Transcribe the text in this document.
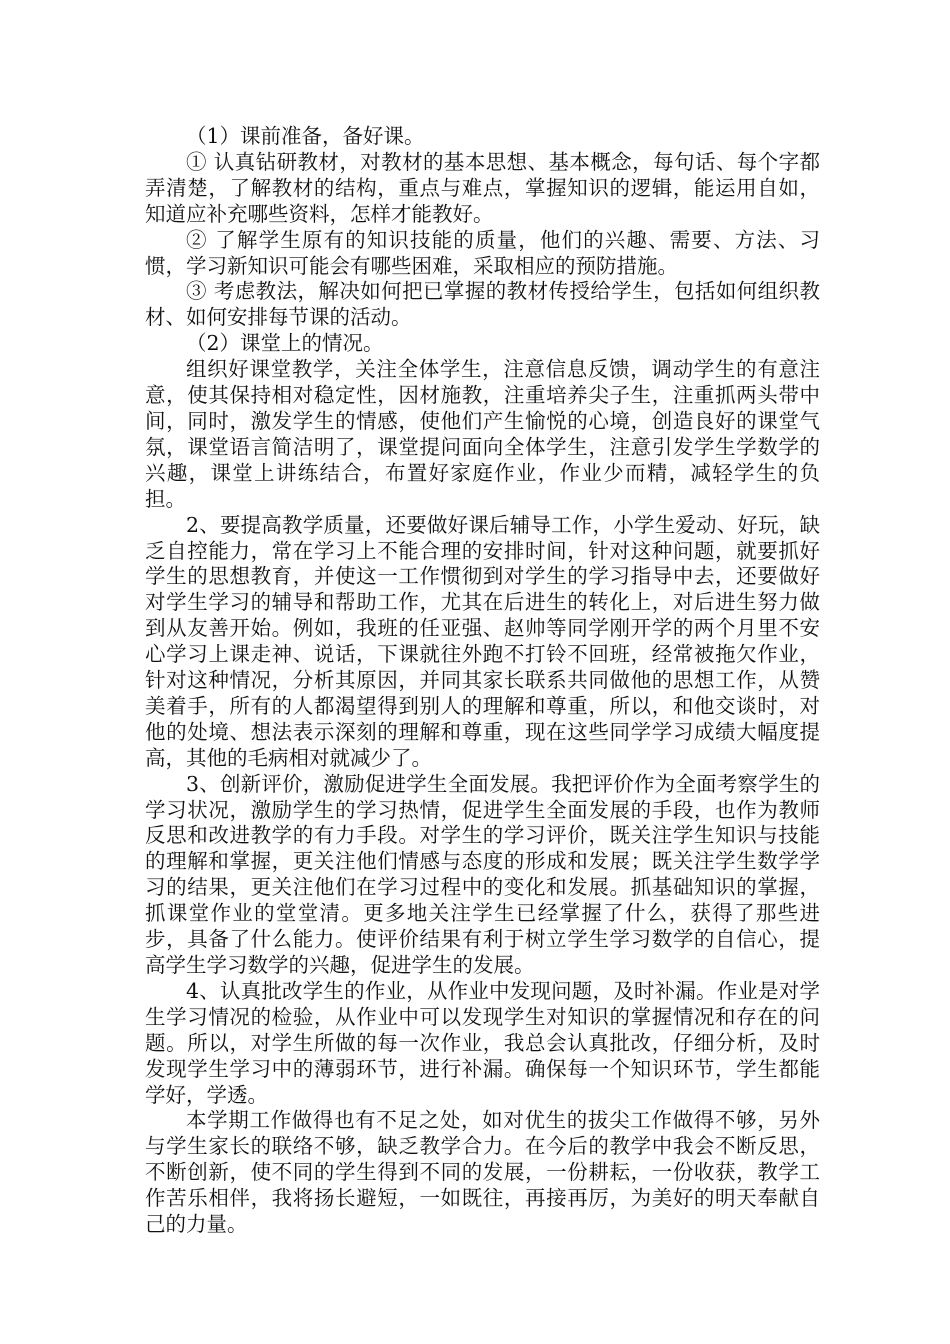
（1）课前准备，备好课。

① 认真钻研教材，对教材的基本思想、基本概念，每句话、每个字都弄清楚，了解教材的结构，重点与难点，掌握知识的逻辑，能运用自如，知道应补充哪些资料，怎样才能教好。

② 了解学生原有的知识技能的质量，他们的兴趣、需要、方法、习惯，学习新知识可能会有哪些困难，采取相应的预防措施。

③ 考虑教法，解决如何把已掌握的教材传授给学生，包括如何组织教材、如何安排每节课的活动。

（2）课堂上的情况。

组织好课堂教学，关注全体学生，注意信息反馈，调动学生的有意注意，使其保持相对稳定性，因材施教，注重培养尖子生，注重抓两头带中间，同时，激发学生的情感，使他们产生愉悦的心境，创造良好的课堂气氛，课堂语言简洁明了，课堂提问面向全体学生，注意引发学生学数学的兴趣，课堂上讲练结合，布置好家庭作业，作业少而精，减轻学生的负担。

2、要提高教学质量，还要做好课后辅导工作，小学生爱动、好玩，缺乏自控能力，常在学习上不能合理的安排时间，针对这种问题，就要抓好学生的思想教育，并使这一工作惯彻到对学生的学习指导中去，还要做好对学生学习的辅导和帮助工作，尤其在后进生的转化上，对后进生努力做到从友善开始。例如，我班的任亚强、赵帅等同学刚开学的两个月里不安心学习上课走神、说话，下课就往外跑不打铃不回班，经常被拖欠作业，针对这种情况，分析其原因，并同其家长联系共同做他的思想工作，从赞美着手，所有的人都渴望得到别人的理解和尊重，所以，和他交谈时，对他的处境、想法表示深刻的理解和尊重，现在这些同学学习成绩大幅度提高，其他的毛病相对就减少了。

3、创新评价，激励促进学生全面发展。我把评价作为全面考察学生的学习状况，激励学生的学习热情，促进学生全面发展的手段，也作为教师反思和改进教学的有力手段。对学生的学习评价，既关注学生知识与技能的理解和掌握，更关注他们情感与态度的形成和发展；既关注学生数学学习的结果，更关注他们在学习过程中的变化和发展。抓基础知识的掌握，抓课堂作业的堂堂清。更多地关注学生已经掌握了什么，获得了那些进步，具备了什么能力。使评价结果有利于树立学生学习数学的自信心，提高学生学习数学的兴趣，促进学生的发展。

4、认真批改学生的作业，从作业中发现问题，及时补漏。作业是对学生学习情况的检验，从作业中可以发现学生对知识的掌握情况和存在的问题。所以，对学生所做的每一次作业，我总会认真批改，仔细分析，及时发现学生学习中的薄弱环节，进行补漏。确保每一个知识环节，学生都能学好，学透。

本学期工作做得也有不足之处，如对优生的拔尖工作做得不够，另外与学生家长的联络不够，缺乏教学合力。在今后的教学中我会不断反思，不断创新，使不同的学生得到不同的发展，一份耕耘，一份收获，教学工作苦乐相伴，我将扬长避短，一如既往，再接再厉，为美好的明天奉献自己的力量。
